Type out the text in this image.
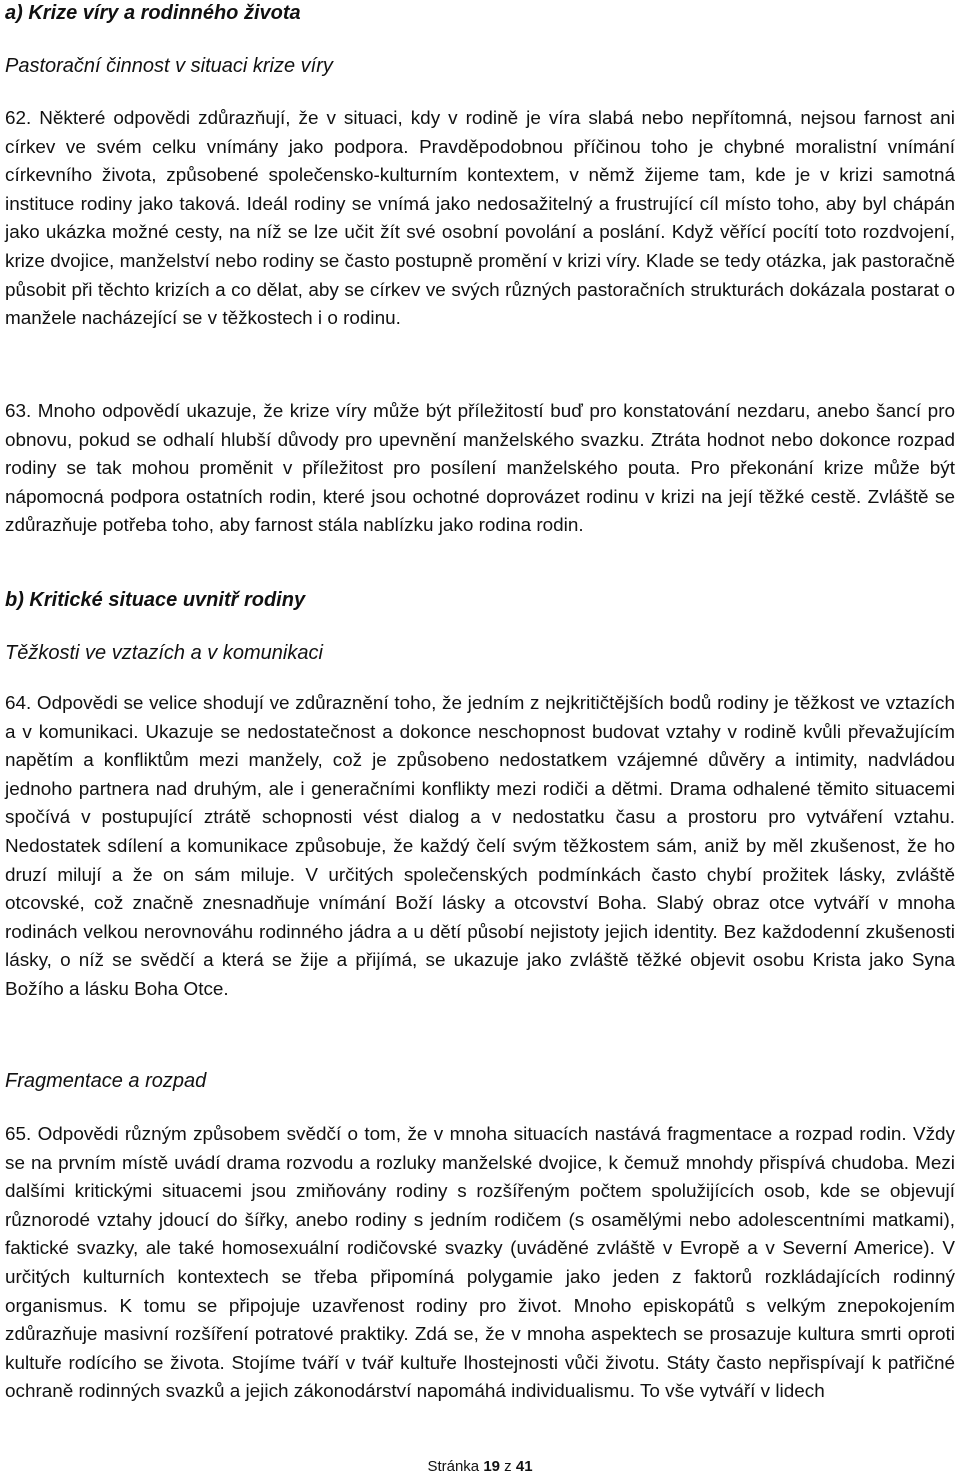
a) Krize víry a rodinného života
Pastorační činnost v situaci krize víry

62. Některé odpovědi zdůrazňují, že v situaci, kdy v rodině je víra slabá nebo nepřítomná, nejsou farnost ani církev ve svém celku vnímány jako podpora. Pravděpodobnou příčinou toho je chybné moralistní vnímání církevního života, způsobené společensko-kulturním kontextem, v němž žijeme tam, kde je v krizi samotná instituce rodiny jako taková. Ideál rodiny se vnímá jako nedosažitelný a frustrující cíl místo toho, aby byl chápán jako ukázka možné cesty, na níž se lze učit žít své osobní povolání a poslání. Když věřící pocítí toto rozdvojení, krize dvojice, manželství nebo rodiny se často postupně promění v krizi víry. Klade se tedy otázka, jak pastoračně působit při těchto krizích a co dělat, aby se církev ve svých různých pastoračních strukturách dokázala postarat o manžele nacházející se v těžkostech i o rodinu.

63. Mnoho odpovědí ukazuje, že krize víry může být příležitostí buď pro konstatování nezdaru, anebo šancí pro obnovu, pokud se odhalí hlubší důvody pro upevnění manželského svazku. Ztráta hodnot nebo dokonce rozpad rodiny se tak mohou proměnit v příležitost pro posílení manželského pouta. Pro překonání krize může být nápomocná podpora ostatních rodin, které jsou ochotné doprovázet rodinu v krizi na její těžké cestě. Zvláště se zdůrazňuje potřeba toho, aby farnost stála nablízku jako rodina rodin.

b) Kritické situace uvnitř rodiny
Těžkosti ve vztazích a v komunikaci

64. Odpovědi se velice shodují ve zdůraznění toho, že jedním z nejkritičtějších bodů rodiny je těžkost ve vztazích a v komunikaci. Ukazuje se nedostatečnost a dokonce neschopnost budovat vztahy v rodině kvůli převažujícím napětím a konfliktům mezi manžely, což je způsobeno nedostatkem vzájemné důvěry a intimity, nadvládou jednoho partnera nad druhým, ale i generačními konflikty mezi rodiči a dětmi. Drama odhalené těmito situacemi spočívá v postupující ztrátě schopnosti vést dialog a v nedostatku času a prostoru pro vytváření vztahu. Nedostatek sdílení a komunikace způsobuje, že každý čelí svým těžkostem sám, aniž by měl zkušenost, že ho druzí milují a že on sám miluje. V určitých společenských podmínkách často chybí prožitek lásky, zvláště otcovské, což značně znesnadňuje vnímání Boží lásky a otcovství Boha. Slabý obraz otce vytváří v mnoha rodinách velkou nerovnováhu rodinného jádra a u dětí působí nejistoty jejich identity. Bez každodenní zkušenosti lásky, o níž se svědčí a která se žije a přijímá, se ukazuje jako zvláště těžké objevit osobu Krista jako Syna Božího a lásku Boha Otce.

Fragmentace a rozpad

65. Odpovědi různým způsobem svědčí o tom, že v mnoha situacích nastává fragmentace a rozpad rodin. Vždy se na prvním místě uvádí drama rozvodu a rozluky manželské dvojice, k čemuž mnohdy přispívá chudoba. Mezi dalšími kritickými situacemi jsou zmiňovány rodiny s rozšířeným počtem spolužijících osob, kde se objevují různorodé vztahy jdoucí do šířky, anebo rodiny s jedním rodičem (s osamělými nebo adolescentními matkami), faktické svazky, ale také homosexuální rodičovské svazky (uváděné zvláště v Evropě a v Severní Americe). V určitých kulturních kontextech se třeba připomíná polygamie jako jeden z faktorů rozkládajících rodinný organismus. K tomu se připojuje uzavřenost rodiny pro život. Mnoho episkopátů s velkým znepokojením zdůrazňuje masivní rozšíření potratové praktiky. Zdá se, že v mnoha aspektech se prosazuje kultura smrti oproti kultuře rodícího se života. Stojíme tváří v tvář kultuře lhostejnosti vůči životu. Státy často nepřispívají k patřičné ochraně rodinných svazků a jejich zákonodárství napomáhá individualismu. To vše vytváří v lidech

Stránka 19 z 41
